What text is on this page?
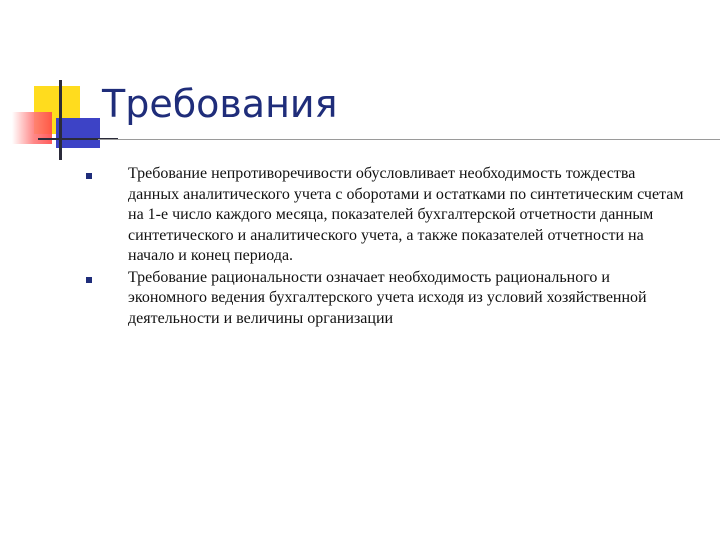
Требования
Требование непротиворечивости обусловливает необходимость тождества данных аналитического учета с оборотами и остатками по синтетическим счетам на 1-е число каждого месяца, показателей бухгалтерской отчетности данным синтетического и аналитического учета, а также показателей отчетности на начало и конец периода.
Требование рациональности означает необходимость рационального и экономного ведения бухгалтерского учета исходя из условий хозяйственной деятельности и величины организации
